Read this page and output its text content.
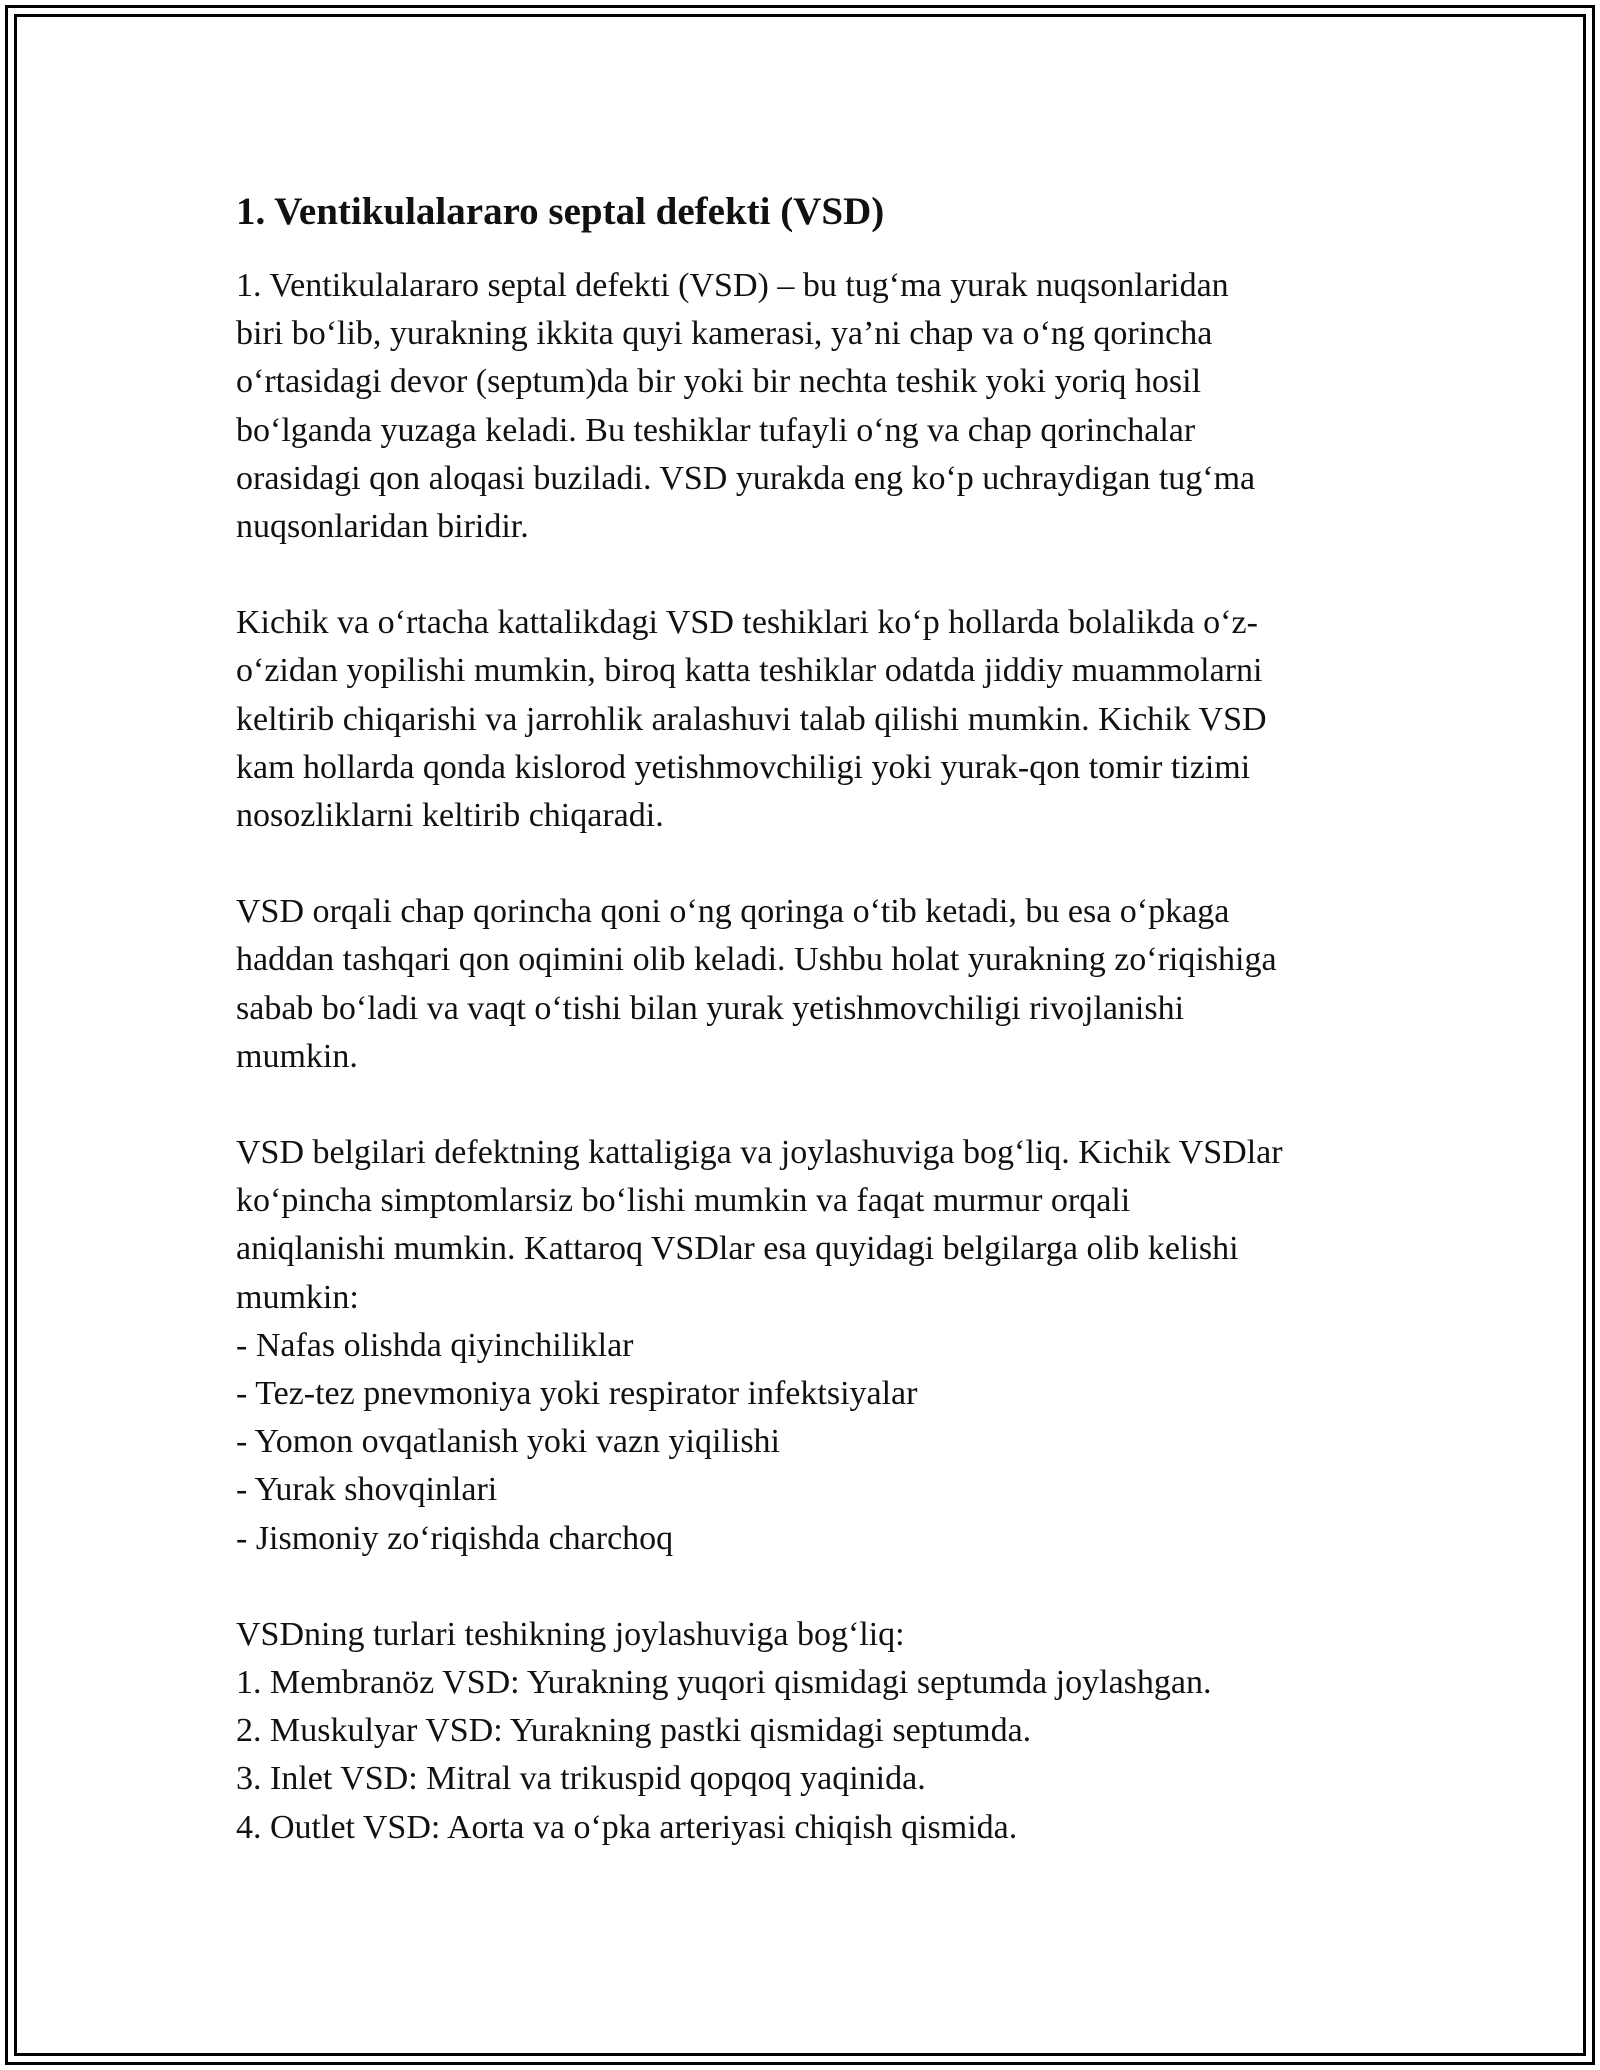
1. Ventikulalararo septal defekti (VSD)

1. Ventikulalararo septal defekti (VSD) – bu tug‘ma yurak nuqsonlaridan
biri bo‘lib, yurakning ikkita quyi kamerasi, ya’ni chap va o‘ng qorincha
o‘rtasidagi devor (septum)da bir yoki bir nechta teshik yoki yoriq hosil
bo‘lganda yuzaga keladi. Bu teshiklar tufayli o‘ng va chap qorinchalar
orasidagi qon aloqasi buziladi. VSD yurakda eng ko‘p uchraydigan tug‘ma
nuqsonlaridan biridir.

Kichik va o‘rtacha kattalikdagi VSD teshiklari ko‘p hollarda bolalikda o‘z-
o‘zidan yopilishi mumkin, biroq katta teshiklar odatda jiddiy muammolarni
keltirib chiqarishi va jarrohlik aralashuvi talab qilishi mumkin. Kichik VSD
kam hollarda qonda kislorod yetishmovchiligi yoki yurak-qon tomir tizimi
nosozliklarni keltirib chiqaradi.

VSD orqali chap qorincha qoni o‘ng qoringa o‘tib ketadi, bu esa o‘pkaga
haddan tashqari qon oqimini olib keladi. Ushbu holat yurakning zo‘riqishiga
sabab bo‘ladi va vaqt o‘tishi bilan yurak yetishmovchiligi rivojlanishi
mumkin.

VSD belgilari defektning kattaligiga va joylashuviga bog‘liq. Kichik VSDlar
ko‘pincha simptomlarsiz bo‘lishi mumkin va faqat murmur orqali
aniqlanishi mumkin. Kattaroq VSDlar esa quyidagi belgilarga olib kelishi
mumkin:
- Nafas olishda qiyinchiliklar
- Tez-tez pnevmoniya yoki respirator infektsiyalar
- Yomon ovqatlanish yoki vazn yiqilishi
- Yurak shovqinlari
- Jismoniy zo‘riqishda charchoq

VSDning turlari teshikning joylashuviga bog‘liq:
1. Membranöz VSD: Yurakning yuqori qismidagi septumda joylashgan.
2. Muskulyar VSD: Yurakning pastki qismidagi septumda.
3. Inlet VSD: Mitral va trikuspid qopqoq yaqinida.
4. Outlet VSD: Aorta va o‘pka arteriyasi chiqish qismida.
